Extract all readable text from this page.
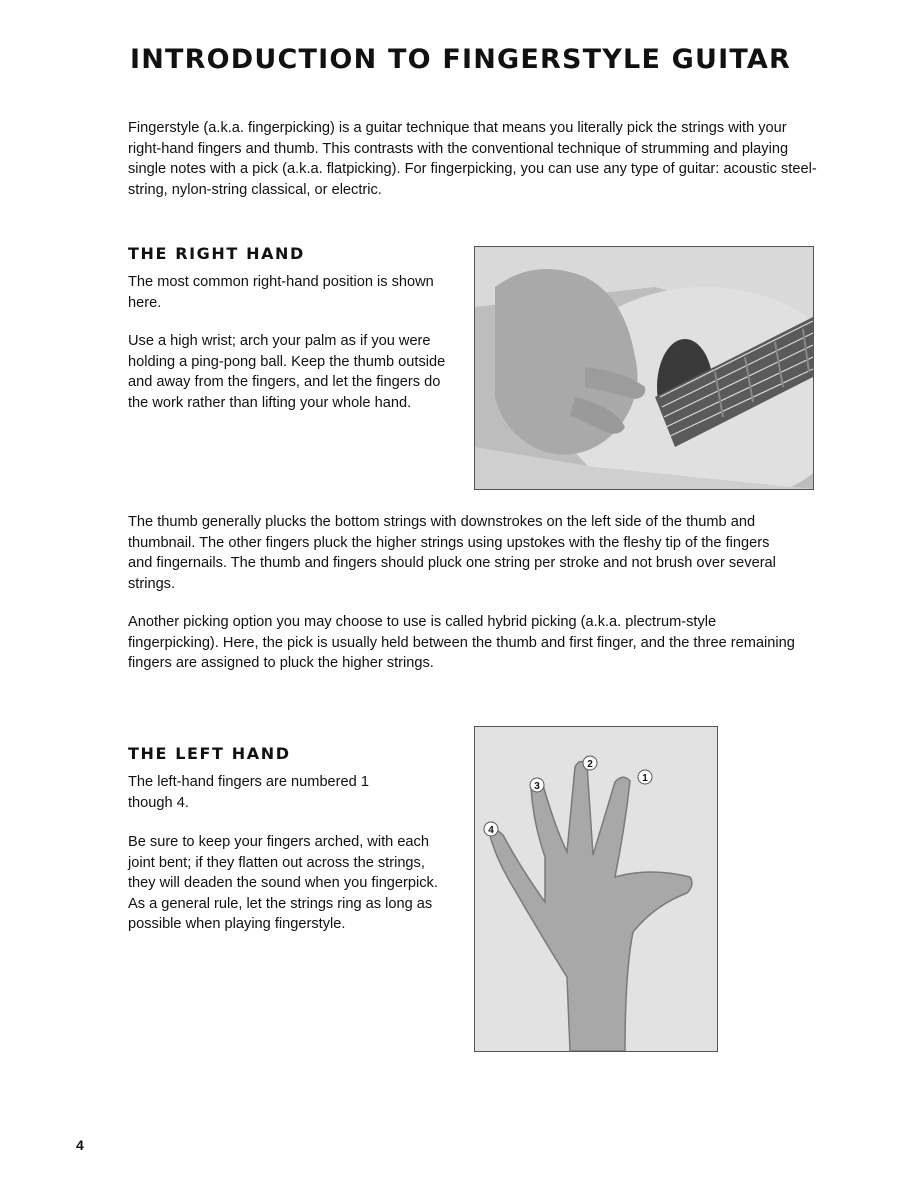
INTRODUCTION TO FINGERSTYLE GUITAR

Fingerstyle (a.k.a. fingerpicking) is a guitar technique that means you literally pick the strings with your right-hand fingers and thumb. This contrasts with the conventional technique of strumming and playing single notes with a pick (a.k.a. flatpicking). For fingerpicking, you can use any type of guitar: acoustic steel-string, nylon-string classical, or electric.

THE RIGHT HAND

The most common right-hand position is shown here.

Use a high wrist; arch your palm as if you were holding a ping-pong ball. Keep the thumb outside and away from the fingers, and let the fingers do the work rather than lifting your whole hand.

The thumb generally plucks the bottom strings with downstrokes on the left side of the thumb and thumbnail. The other fingers pluck the higher strings using upstokes with the fleshy tip of the fingers and fingernails. The thumb and fingers should pluck one string per stroke and not brush over several strings.

Another picking option you may choose to use is called hybrid picking (a.k.a. plectrum-style fingerpicking). Here, the pick is usually held between the thumb and first finger, and the three remaining fingers are assigned to pluck the higher strings.

THE LEFT HAND

The left-hand fingers are numbered 1 though 4.

Be sure to keep your fingers arched, with each joint bent; if they flatten out across the strings, they will deaden the sound when you fingerpick. As a general rule, let the strings ring as long as possible when playing fingerstyle.

1
2
3
4
4
